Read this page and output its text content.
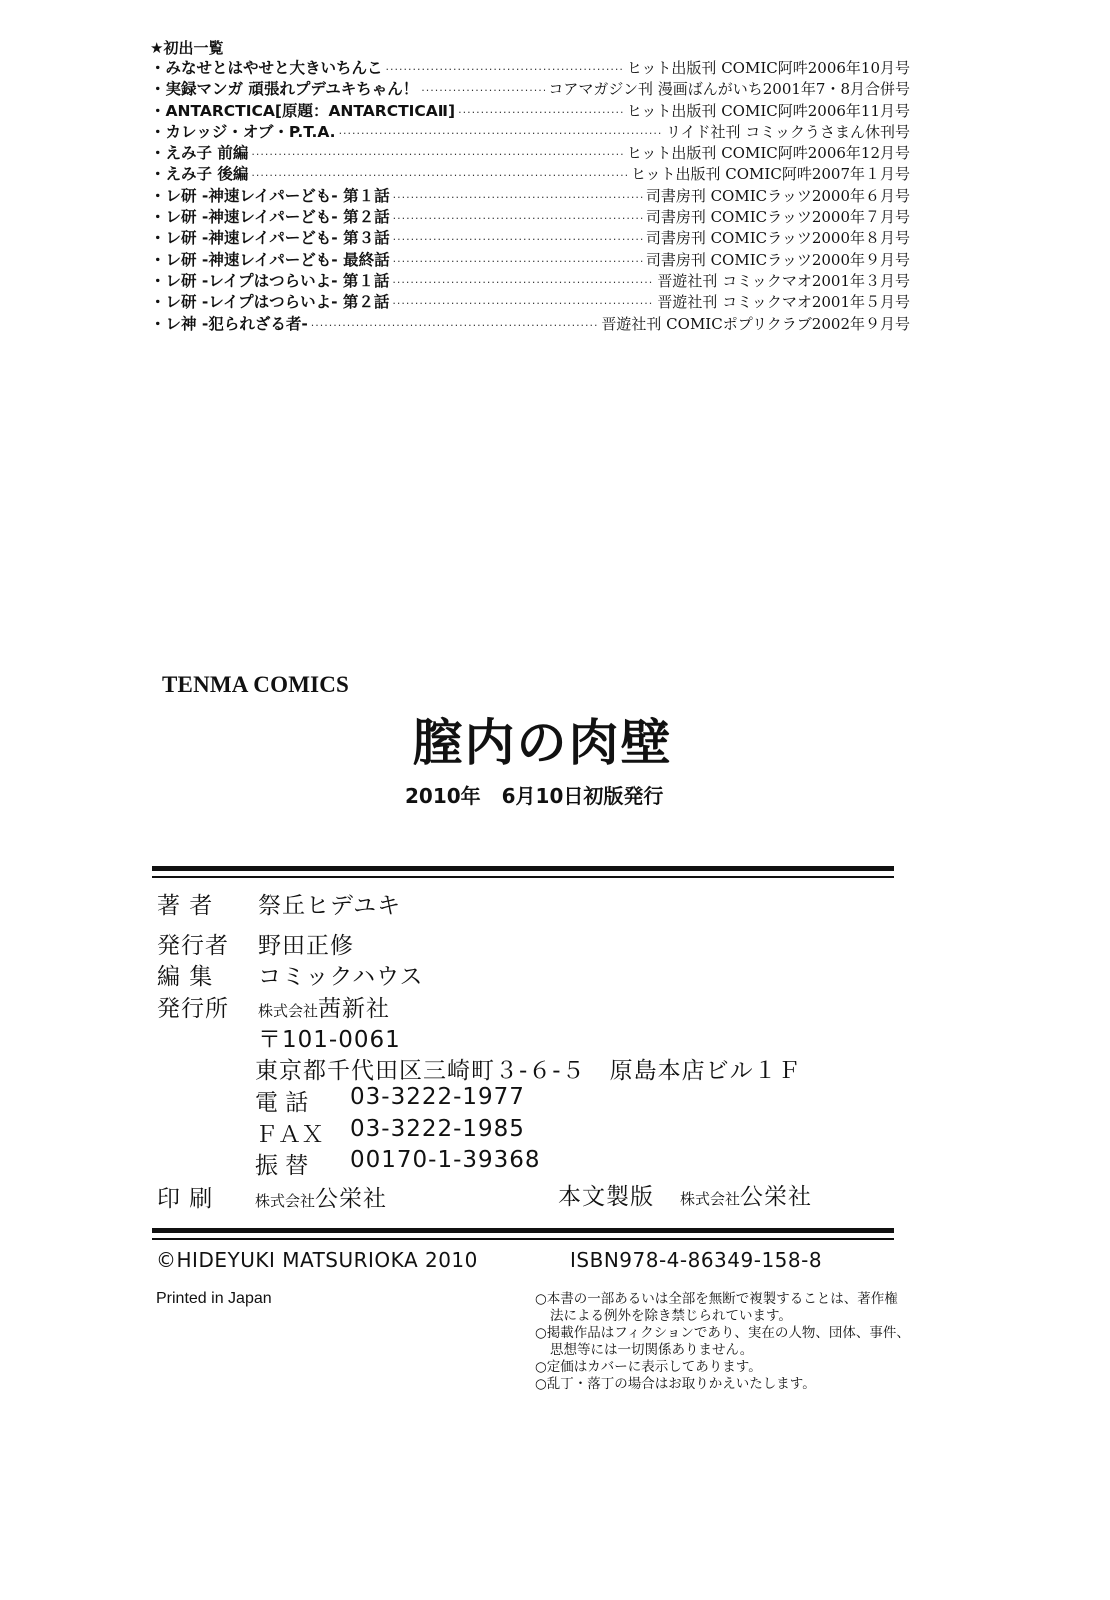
★初出一覧
・みなせとはやせと大きいちんこ ·····	ヒット出版刊 COMIC阿吽2006年10月号
・実録マンガ 頑張れプデユキちゃん！ ·····	コアマガジン刊 漫画ばんがいち2001年7・8月合併号
・ANTARCTICA[原題：ANTARCTICAⅡ] ·····	ヒット出版刊 COMIC阿吽2006年11月号
・カレッジ・オブ・P.T.A. ·····	リイド社刊 コミックうさまん休刊号
・えみ子 前編 ·····	ヒット出版刊 COMIC阿吽2006年12月号
・えみ子 後編 ·····	ヒット出版刊 COMIC阿吽2007年１月号
・レ研 -神速レイパーども- 第１話 ·····	司書房刊 COMICラッツ2000年６月号
・レ研 -神速レイパーども- 第２話 ·····	司書房刊 COMICラッツ2000年７月号
・レ研 -神速レイパーども- 第３話 ·····	司書房刊 COMICラッツ2000年８月号
・レ研 -神速レイパーども- 最終話 ·····	司書房刊 COMICラッツ2000年９月号
・レ研 -レイプはつらいよ- 第１話 ·····	晋遊社刊 コミックマオ2001年３月号
・レ研 -レイプはつらいよ- 第２話 ·····	晋遊社刊 コミックマオ2001年５月号
・レ神 -犯られざる者- ·····	晋遊社刊 COMICポプリクラブ2002年９月号
TENMA COMICS
膣内の肉壁
2010年 6月10日初版発行
著 者 祭丘ヒデユキ
発行者 野田正修
編 集 コミックハウス
発行所 株式会社茜新社
〒101-0061
東京都千代田区三崎町３-６-５　原島本店ビル１Ｆ
電 話 03-3222-1977
ＦＡＸ 03-3222-1985
振 替 00170-1-39368
印 刷	株式会社公栄社	本文製版 株式会社公栄社
©HIDEYUKI MATSURIOKA 2010	ISBN978-4-86349-158-8
Printed in Japan	○本書の一部あるいは全部を無断で複製することは、著作権法による例外を除き禁じられています。
○掲載作品はフィクションであり、実在の人物、団体、事件、思想等には一切関係ありません。
○定価はカバーに表示してあります。
○乱丁・落丁の場合はお取りかえいたします。
